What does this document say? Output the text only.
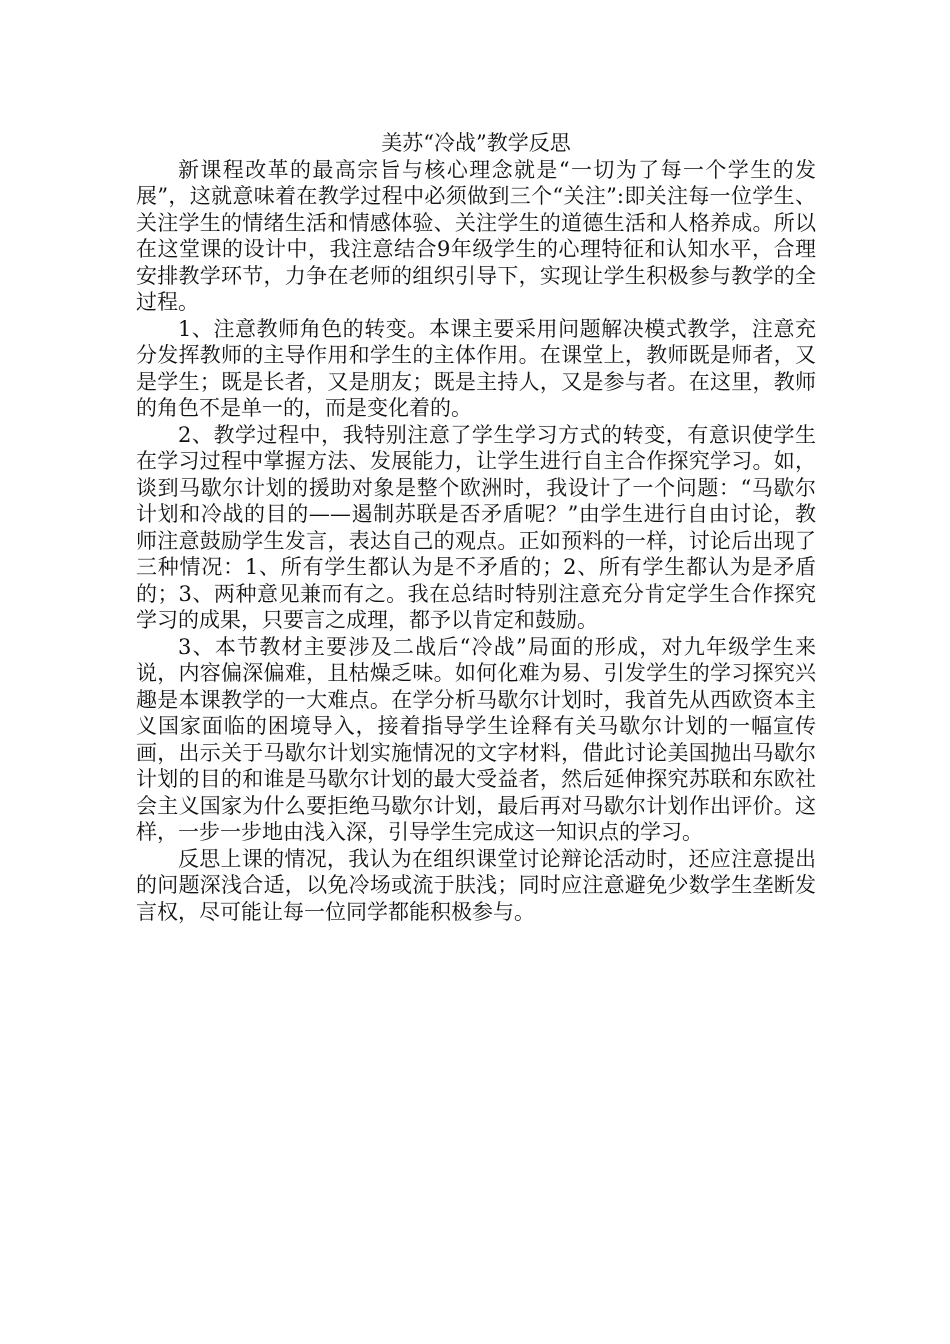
美苏“冷战”教学反思

新课程改革的最高宗旨与核心理念就是“一切为了每一个学生的发展”，这就意味着在教学过程中必须做到三个“关注”:即关注每一位学生、关注学生的情绪生活和情感体验、关注学生的道德生活和人格养成。所以在这堂课的设计中，我注意结合9年级学生的心理特征和认知水平，合理安排教学环节，力争在老师的组织引导下，实现让学生积极参与教学的全过程。

1、注意教师角色的转变。本课主要采用问题解决模式教学，注意充分发挥教师的主导作用和学生的主体作用。在课堂上，教师既是师者，又是学生；既是长者，又是朋友；既是主持人，又是参与者。在这里，教师的角色不是单一的，而是变化着的。

2、教学过程中，我特别注意了学生学习方式的转变，有意识使学生在学习过程中掌握方法、发展能力，让学生进行自主合作探究学习。如，谈到马歇尔计划的援助对象是整个欧洲时，我设计了一个问题：“马歇尔计划和冷战的目的——遏制苏联是否矛盾呢？”由学生进行自由讨论，教师注意鼓励学生发言，表达自己的观点。正如预料的一样，讨论后出现了三种情况：1、所有学生都认为是不矛盾的；2、所有学生都认为是矛盾的；3、两种意见兼而有之。我在总结时特别注意充分肯定学生合作探究学习的成果，只要言之成理，都予以肯定和鼓励。

3、本节教材主要涉及二战后“冷战”局面的形成，对九年级学生来说，内容偏深偏难，且枯燥乏味。如何化难为易、引发学生的学习探究兴趣是本课教学的一大难点。在学分析马歇尔计划时，我首先从西欧资本主义国家面临的困境导入，接着指导学生诠释有关马歇尔计划的一幅宣传画，出示关于马歇尔计划实施情况的文字材料，借此讨论美国抛出马歇尔计划的目的和谁是马歇尔计划的最大受益者，然后延伸探究苏联和东欧社会主义国家为什么要拒绝马歇尔计划，最后再对马歇尔计划作出评价。这样，一步一步地由浅入深，引导学生完成这一知识点的学习。

反思上课的情况，我认为在组织课堂讨论辩论活动时，还应注意提出的问题深浅合适，以免冷场或流于肤浅；同时应注意避免少数学生垄断发言权，尽可能让每一位同学都能积极参与。
